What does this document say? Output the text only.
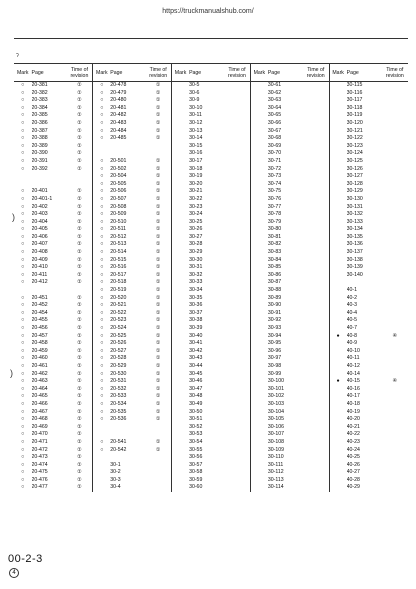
https://truckmanualshub.com/
ˀ
)
)
Mark	Page	Time of
revision	Mark	Page	Time of
revision	Mark	Page	Time of
revision	Mark	Page	Time of
revision	Mark	Page	Time of
revision
○	20-381	①	○	20-478	①		30-5			30-61			30-115	
○	20-382	①	○	20-479	①		30-6			30-62			30-116	
○	20-383	①	○	20-480	①		30-9			30-63			30-117	
○	20-384	①	○	20-481	①		30-10			30-64			30-118	
○	20-385	①	○	20-482	①		30-11			30-65			30-119	
○	20-386	①	○	20-483	①		30-12			30-66			30-120	
○	20-387	①	○	20-484	①		30-13			30-67			30-121	
○	20-388	①	○	20-485	①		30-14			30-68			30-122	
○	20-389	①					30-15			30-69			30-123	
○	20-390	①					30-16			30-70			30-124	
○	20-391	①	○	20-501	①		30-17			30-71			30-125	
○	20-392	①	○	20-502	①		30-18			30-72			30-126	
			○	20-504	①		30-19			30-73			30-127	
			○	20-505	①		30-20			30-74			30-128	
○	20-401	①	○	20-506	①		30-21			30-75			30-129	
○	20-401-1	①	○	20-507	①		30-22			30-76			30-130	
○	20-402	①	○	20-508	①		30-23			30-77			30-131	
○	20-403	①	○	20-509	①		30-24			30-78			30-132	
○	20-404	①	○	20-510	①		30-25			30-79			30-133	
○	20-405	①	○	20-511	①		30-26			30-80			30-134	
○	20-406	①	○	20-512	①		30-27			30-81			30-135	
○	20-407	①	○	20-513	①		30-28			30-82			30-136	
○	20-408	①	○	20-514	①		30-29			30-83			30-137	
○	20-409	①	○	20-515	①		30-30			30-84			30-138	
○	20-410	①	○	20-516	①		30-31			30-85			30-139	
○	20-411	①	○	20-517	①		30-32			30-86			30-140	
○	20-412	①	○	20-518	①		30-33			30-87				
			○	20-519	①		30-34			30-88			40-1	
○	20-451	①	○	20-520	①		30-35			30-89			40-2	
○	20-452	①	○	20-521	①		30-36			30-90			40-3	
○	20-454	①	○	20-522	①		30-37			30-91			40-4	
○	20-455	①	○	20-523	①		30-38			30-92			40-5	
○	20-456	①	○	20-524	①		30-39			30-93			40-7	
○	20-457	①	○	20-525	①		30-40			30-94		●	40-8	④
○	20-458	①	○	20-526	①		30-41			30-95			40-9	
○	20-459	①	○	20-527	①		30-42			30-96			40-10	
○	20-460	①	○	20-528	①		30-43			30-97			40-11	
○	20-461	①	○	20-529	①		30-44			30-98			40-12	
○	20-462	①	○	20-530	①		30-45			30-99			40-14	
○	20-463	①	○	20-531	①		30-46			30-100		●	40-15	④
○	20-464	①	○	20-532	①		30-47			30-101			40-16	
○	20-465	①	○	20-533	①		30-48			30-102			40-17	
○	20-466	①	○	20-534	①		30-49			30-103			40-18	
○	20-467	①	○	20-535	①		30-50			30-104			40-19	
○	20-468	①	○	20-536	①		30-51			30-105			40-20	
○	20-469	①					30-52			30-106			40-21	
○	20-470	①					30-53			30-107			40-22	
○	20-471	①	○	20-541	①		30-54			30-108			40-23	
○	20-472	①	○	20-542	①		30-55			30-109			40-24	
○	20-473	①					30-56			30-110			40-25	
○	20-474	①		30-1			30-57			30-111			40-26	
○	20-475	①		30-2			30-58			30-112			40-27	
○	20-476	①		30-3			30-59			30-113			40-28	
○	20-477	①		30-4			30-60			30-114			40-29	
00-2-3
4
